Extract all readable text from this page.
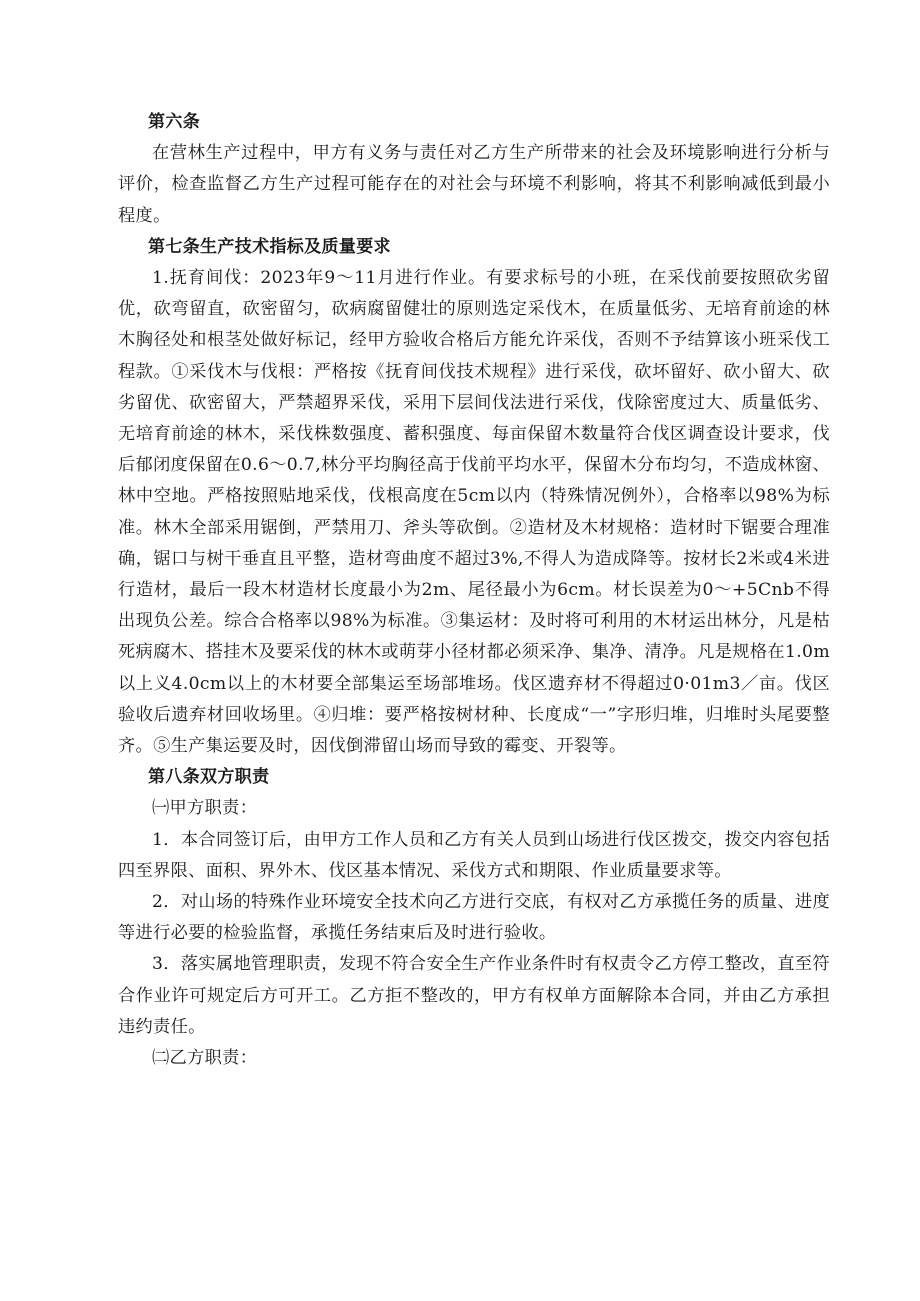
第六条

在营林生产过程中，甲方有义务与责任对乙方生产所带来的社会及环境影响进行分析与评价，检查监督乙方生产过程可能存在的对社会与环境不利影响，将其不利影响减低到最小程度。

第七条生产技术指标及质量要求

1.抚育间伐：2023年9～11月进行作业。有要求标号的小班，在采伐前要按照砍劣留优，砍弯留直，砍密留匀，砍病腐留健壮的原则选定采伐木，在质量低劣、无培育前途的林木胸径处和根茎处做好标记，经甲方验收合格后方能允许采伐，否则不予结算该小班采伐工程款。①采伐木与伐根：严格按《抚育间伐技术规程》进行采伐，砍坏留好、砍小留大、砍劣留优、砍密留大，严禁超界采伐，采用下层间伐法进行采伐，伐除密度过大、质量低劣、无培育前途的林木，采伐株数强度、蓄积强度、每亩保留木数量符合伐区调查设计要求，伐后郁闭度保留在0.6～0.7,林分平均胸径高于伐前平均水平，保留木分布均匀，不造成林窗、林中空地。严格按照贴地采伐，伐根高度在5cm以内（特殊情况例外），合格率以98%为标准。林木全部采用锯倒，严禁用刀、斧头等砍倒。②造材及木材规格：造材时下锯要合理准确，锯口与树干垂直且平整，造材弯曲度不超过3%,不得人为造成降等。按材长2米或4米进行造材，最后一段木材造材长度最小为2m、尾径最小为6cm。材长误差为0～+5Cnb不得出现负公差。综合合格率以98%为标准。③集运材：及时将可利用的木材运出林分，凡是枯死病腐木、搭挂木及要采伐的林木或萌芽小径材都必须采净、集净、清净。凡是规格在1.0m以上义4.0cm以上的木材要全部集运至场部堆场。伐区遗弃材不得超过0·01m3／亩。伐区验收后遗弃材回收场里。④归堆：要严格按树材种、长度成“一”字形归堆，归堆时头尾要整齐。⑤生产集运要及时，因伐倒滞留山场而导致的霉变、开裂等。

第八条双方职责

㈠甲方职责：

1．本合同签订后，由甲方工作人员和乙方有关人员到山场进行伐区拨交，拨交内容包括四至界限、面积、界外木、伐区基本情况、采伐方式和期限、作业质量要求等。

2．对山场的特殊作业环境安全技术向乙方进行交底，有权对乙方承揽任务的质量、进度等进行必要的检验监督，承揽任务结束后及时进行验收。

3．落实属地管理职责，发现不符合安全生产作业条件时有权责令乙方停工整改，直至符合作业许可规定后方可开工。乙方拒不整改的，甲方有权单方面解除本合同，并由乙方承担违约责任。

㈡乙方职责：
